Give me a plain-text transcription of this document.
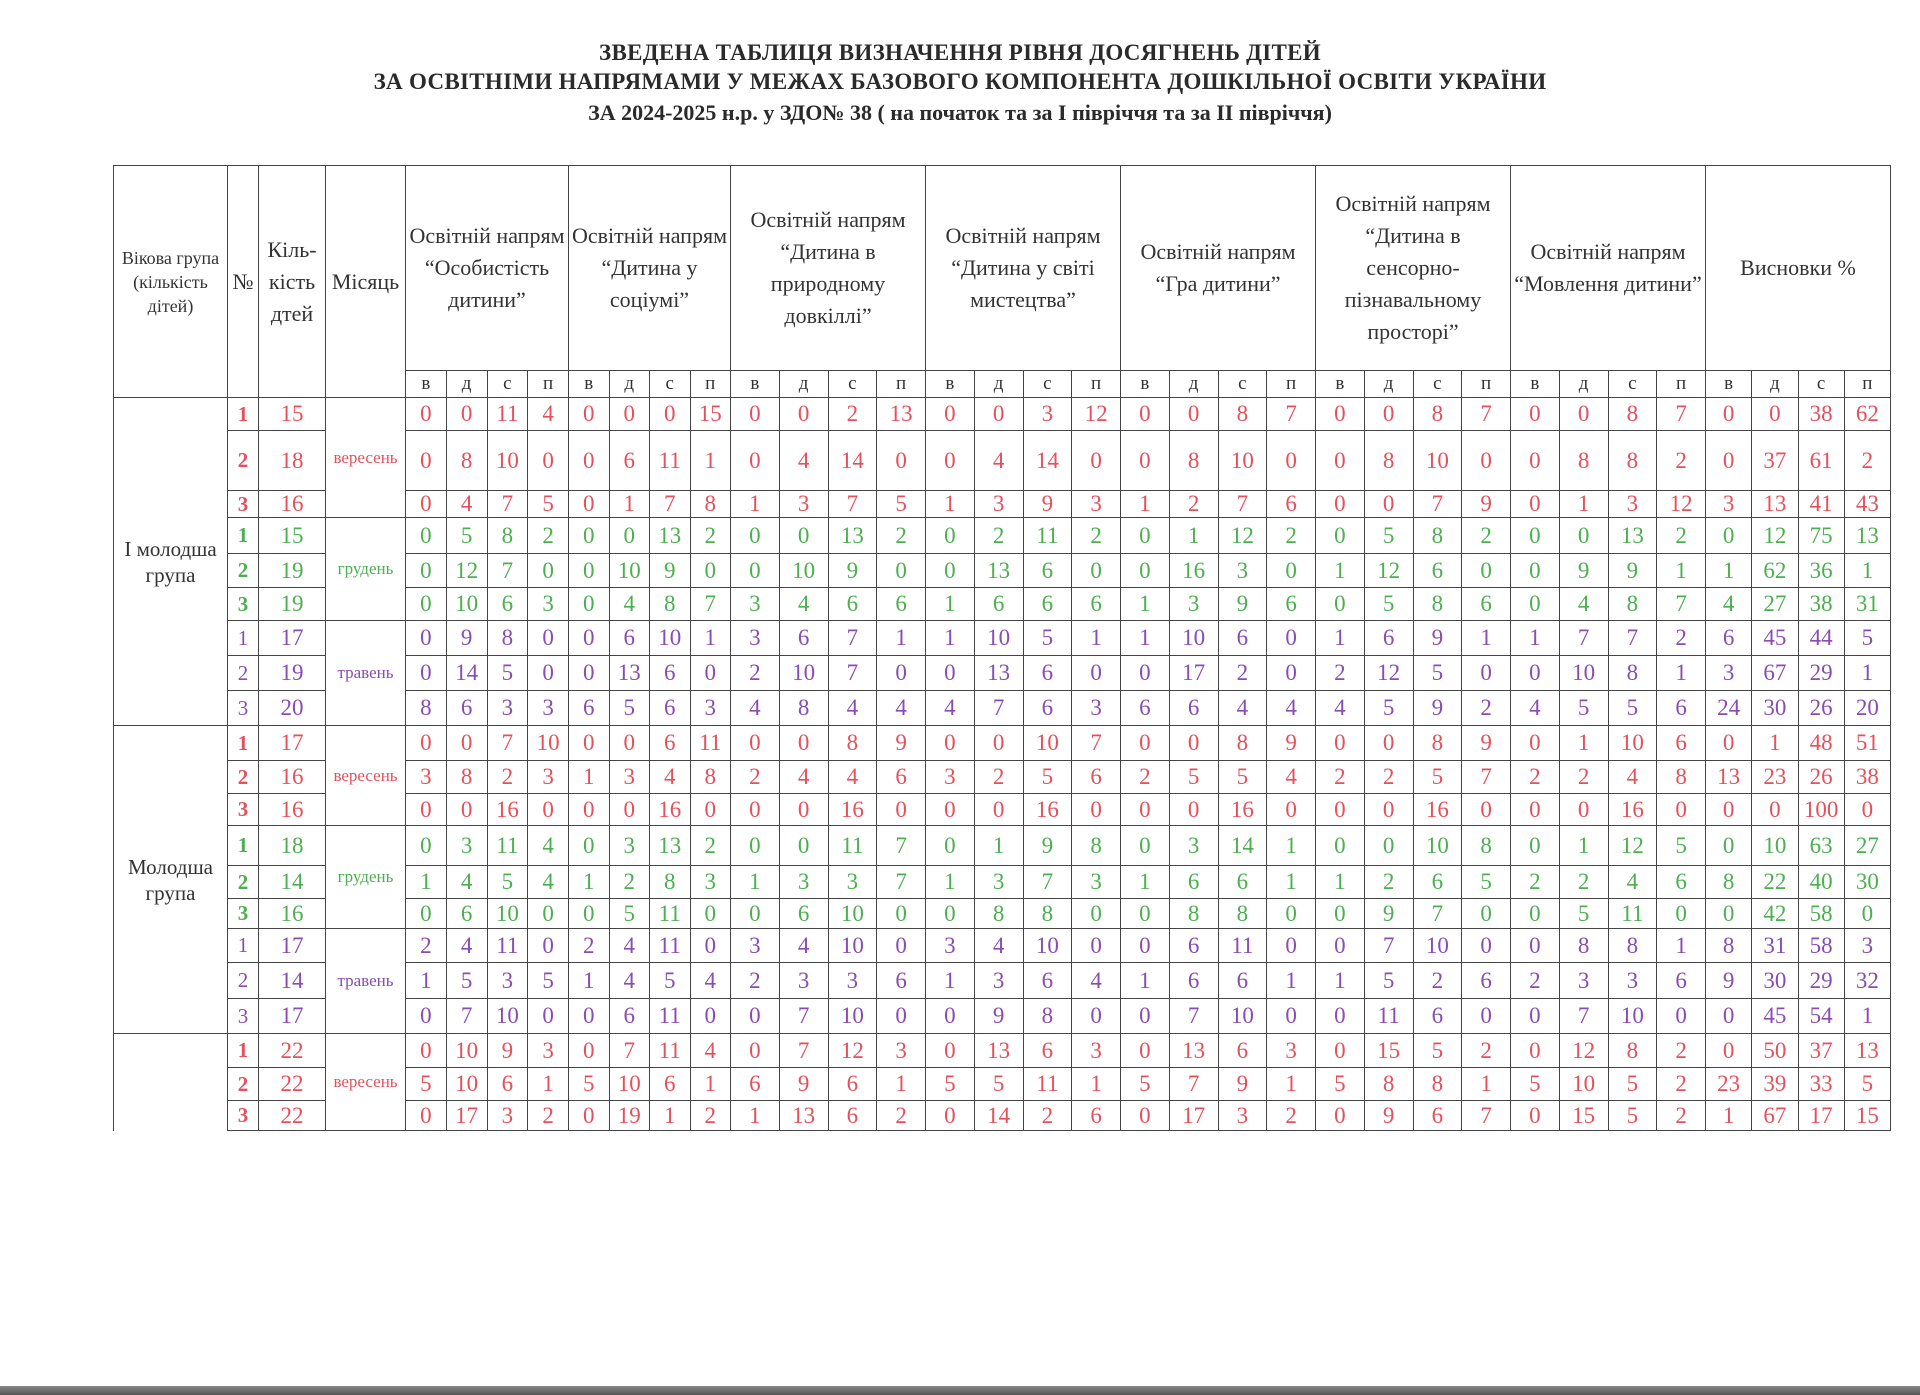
ЗВЕДЕНА ТАБЛИЦЯ ВИЗНАЧЕННЯ РІВНЯ ДОСЯГНЕНЬ ДІТЕЙ
ЗА ОСВІТНІМИ НАПРЯМАМИ У МЕЖАХ БАЗОВОГО КОМПОНЕНТА ДОШКІЛЬНОЇ ОСВІТИ УКРАЇНИ
ЗА 2024-2025 н.р. у ЗДО№ 38 ( на початок та за І півріччя та за ІІ півріччя)
Вікова група (кількість дітей)	№	Кіль-кість дтей	Місяць	Освітній напрям “Особистість дитини”				Освітній напрям “Дитина у соціумі”				Освітній напрям “Дитина в природному довкіллі”				Освітній напрям “Дитина у світі мистецтва”				Освітній напрям “Гра дитини”				Освітній напрям “Дитина в сенсорно-пізнавальному просторі”				Освітній напрям “Мовлення дитини”				Висновки %			
				в	д	с	п	в	д	с	п	в	д	с	п	в	д	с	п	в	д	с	п	в	д	с	п	в	д	с	п	в	д	с	п
І молодша група	1	15	вересень	0	0	11	4	0	0	0	15	0	0	2	13	0	0	3	12	0	0	8	7	0	0	8	7	0	0	8	7	0	0	38	62
	2	18		0	8	10	0	0	6	11	1	0	4	14	0	0	4	14	0	0	8	10	0	0	8	10	0	0	8	8	2	0	37	61	2
	3	16		0	4	7	5	0	1	7	8	1	3	7	5	1	3	9	3	1	2	7	6	0	0	7	9	0	1	3	12	3	13	41	43
	1	15	грудень	0	5	8	2	0	0	13	2	0	0	13	2	0	2	11	2	0	1	12	2	0	5	8	2	0	0	13	2	0	12	75	13
	2	19		0	12	7	0	0	10	9	0	0	10	9	0	0	13	6	0	0	16	3	0	1	12	6	0	0	9	9	1	1	62	36	1
	3	19		0	10	6	3	0	4	8	7	3	4	6	6	1	6	6	6	1	3	9	6	0	5	8	6	0	4	8	7	4	27	38	31
	1	17	травень	0	9	8	0	0	6	10	1	3	6	7	1	1	10	5	1	1	10	6	0	1	6	9	1	1	7	7	2	6	45	44	5
	2	19		0	14	5	0	0	13	6	0	2	10	7	0	0	13	6	0	0	17	2	0	2	12	5	0	0	10	8	1	3	67	29	1
	3	20		8	6	3	3	6	5	6	3	4	8	4	4	4	7	6	3	6	6	4	4	4	5	9	2	4	5	5	6	24	30	26	20
Молодша група	1	17	вересень	0	0	7	10	0	0	6	11	0	0	8	9	0	0	10	7	0	0	8	9	0	0	8	9	0	1	10	6	0	1	48	51
	2	16		3	8	2	3	1	3	4	8	2	4	4	6	3	2	5	6	2	5	5	4	2	2	5	7	2	2	4	8	13	23	26	38
	3	16		0	0	16	0	0	0	16	0	0	0	16	0	0	0	16	0	0	0	16	0	0	0	16	0	0	0	16	0	0	0	100	0
	1	18	грудень	0	3	11	4	0	3	13	2	0	0	11	7	0	1	9	8	0	3	14	1	0	0	10	8	0	1	12	5	0	10	63	27
	2	14		1	4	5	4	1	2	8	3	1	3	3	7	1	3	7	3	1	6	6	1	1	2	6	5	2	2	4	6	8	22	40	30
	3	16		0	6	10	0	0	5	11	0	0	6	10	0	0	8	8	0	0	8	8	0	0	9	7	0	0	5	11	0	0	42	58	0
	1	17	травень	2	4	11	0	2	4	11	0	3	4	10	0	3	4	10	0	0	6	11	0	0	7	10	0	0	8	8	1	8	31	58	3
	2	14		1	5	3	5	1	4	5	4	2	3	3	6	1	3	6	4	1	6	6	1	1	5	2	6	2	3	3	6	9	30	29	32
	3	17		0	7	10	0	0	6	11	0	0	7	10	0	0	9	8	0	0	7	10	0	0	11	6	0	0	7	10	0	0	45	54	1
	1	22	вересень	0	10	9	3	0	7	11	4	0	7	12	3	0	13	6	3	0	13	6	3	0	15	5	2	0	12	8	2	0	50	37	13
	2	22		5	10	6	1	5	10	6	1	6	9	6	1	5	5	11	1	5	7	9	1	5	8	8	1	5	10	5	2	23	39	33	5
	3	22		0	17	3	2	0	19	1	2	1	13	6	2	0	14	2	6	0	17	3	2	0	9	6	7	0	15	5	2	1	67	17	15
